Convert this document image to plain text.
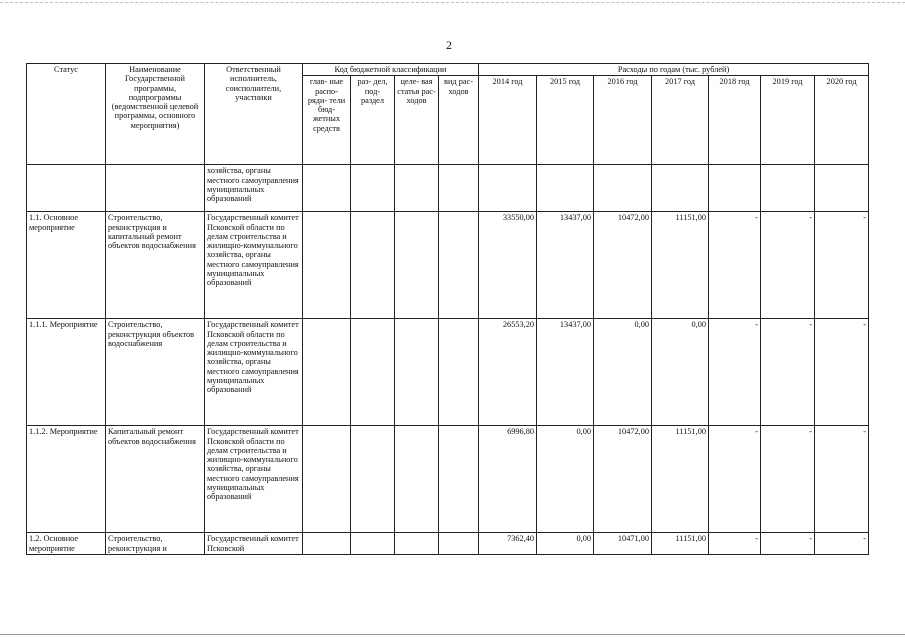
2
Статус	Наименование Государственной программы, подпрограммы (ведомственной целевой программы, основного мероприятия)	Ответственный исполнитель, соисполнители, участники	Код бюджетной классификации				Расходы по годам (тыс. рублей)						
			глав- ные распо- ряди- тели бюд- жетных средств	раз- дел, под- раздел	целе- вая статья рас- ходов	вид рас- ходов	2014 год	2015 год	2016 год	2017 год	2018 год	2019 год	2020 год
		хозяйства, органы местного самоуправления муниципальных образований											
1.1. Основное мероприятие	Строительство, реконструкция и капитальный ремонт объектов водоснабжения	Государственный комитет Псковской области по делам строительства и жилищно-коммунального хозяйства, органы местного самоуправления муниципальных образований					33550,00	13437,00	10472,00	11151,00	-	-	-
1.1.1. Мероприятие	Строительство, реконструкция объектов водоснабжения	Государственный комитет Псковской области по делам строительства и жилищно-коммунального хозяйства, органы местного самоуправления муниципальных образований					26553,20	13437,00	0,00	0,00	-	-	-
1.1.2. Мероприятие	Капитальный ремонт объектов водоснабжения	Государственный комитет Псковской области по делам строительства и жилищно-коммунального хозяйства, органы местного самоуправления муниципальных образований					6996,80	0,00	10472,00	11151,00	-	-	-
1.2. Основное мероприятие	Строительство, реконструкция и	Государственный комитет Псковской					7362,40	0,00	10471,00	11151,00	-	-	-
